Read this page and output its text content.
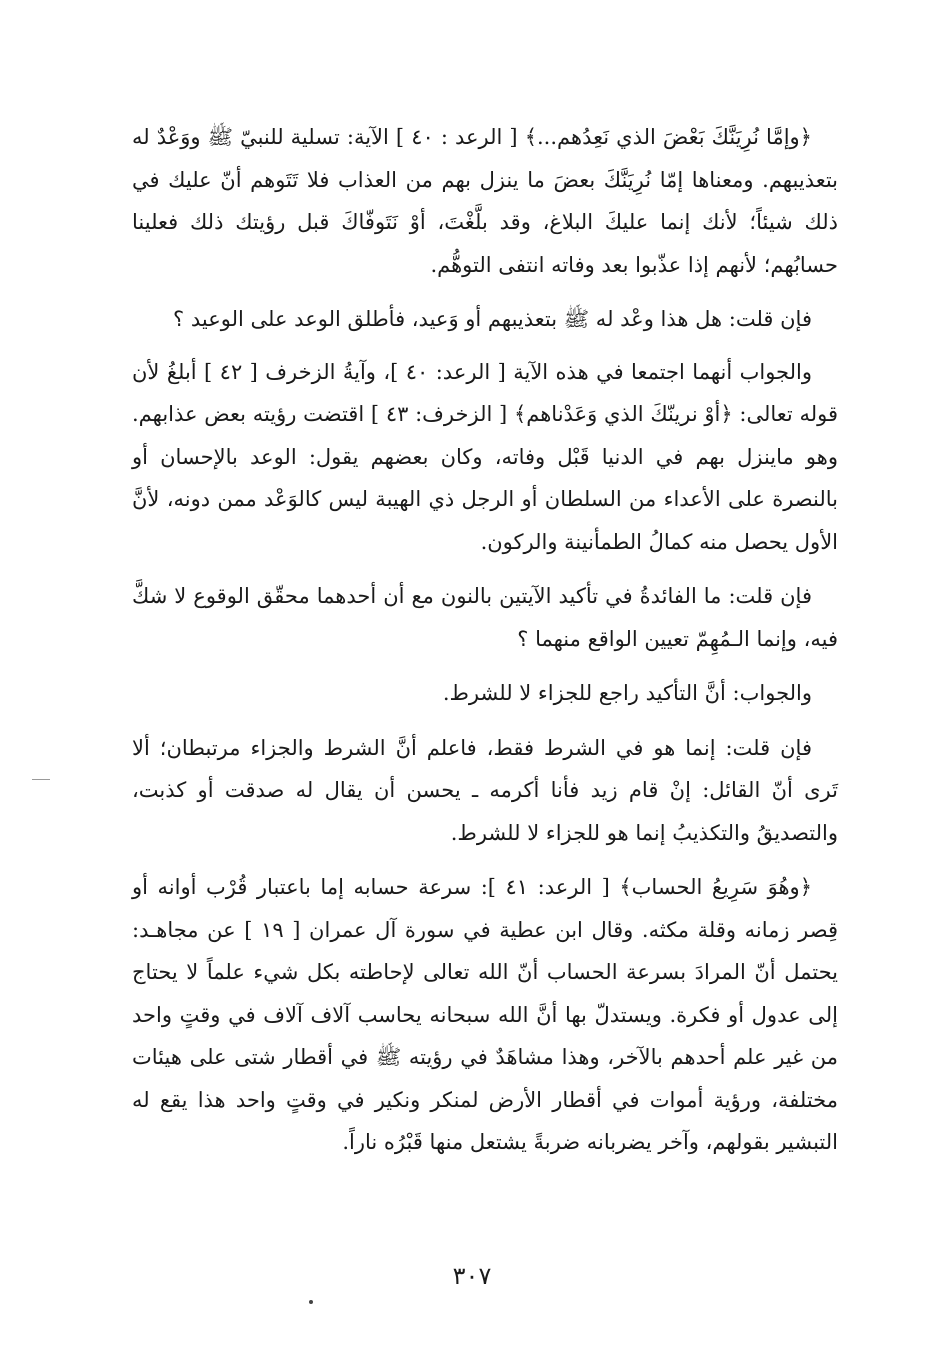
﴿وإمَّا نُرِيَنَّكَ بَعْضَ الذي نَعِدُهم...﴾ [ الرعد : ٤٠ ] الآية: تسلية للنبيّ ﷺ ووَعْدٌ له بتعذيبهم. ومعناها إمّا نُرِيَنَّكَ بعضَ ما ينزل بهم من العذاب فلا تَتَوهم أنّ عليك في ذلك شيئاً؛ لأنك إنما عليكَ البلاغ، وقد بلَّغْتَ، أوْ نَتَوفّاكَ قبل رؤيتك ذلك فعلينا حسابُهم؛ لأنهم إذا عذّبوا بعد وفاته انتفى التوهُّم.

فإن قلت: هل هذا وعْد له ﷺ بتعذيبهم أو وَعيد، فأطلق الوعد على الوعيد ؟

والجواب أنهما اجتمعا في هذه الآية [ الرعد: ٤٠ ]، وآيةُ الزخرف [ ٤٢ ] أبلغُ لأن قوله تعالى: ﴿أوْ نرينّكَ الذي وَعَدْناهم﴾ [ الزخرف: ٤٣ ] اقتضت رؤيته بعض عذابهم. وهو ماينزل بهم في الدنيا قَبْل وفاته، وكان بعضهم يقول: الوعد بالإحسان أو بالنصرة على الأعداء من السلطان أو الرجل ذي الهيبة ليس كالوَعْد ممن دونه، لأنَّ الأول يحصل منه كمالُ الطمأنينة والركون.

فإن قلت: ما الفائدةُ في تأكيد الآيتين بالنون مع أن أحدهما محقّق الوقوع لا شكَّ فيه، وإنما الـمُهِمّ تعيين الواقع منهما ؟

والجواب: أنَّ التأكيد راجع للجزاء لا للشرط.

فإن قلت: إنما هو في الشرط فقط، فاعلم أنَّ الشرط والجزاء مرتبطان؛ ألا تَرى أنّ القائل: إنْ قام زيد فأنا أكرمه ـ يحسن أن يقال له صدقت أو كذبت، والتصديقُ والتكذيبُ إنما هو للجزاء لا للشرط.

﴿وهُوَ سَرِيعُ الحساب﴾ [ الرعد: ٤١ ]: سرعة حسابه إما باعتبار قُرْب أوانه أو قِصر زمانه وقلة مكثه. وقال ابن عطية في سورة آل عمران [ ١٩ ] عن مجاهـد: يحتمل أنّ المرادَ بسرعة الحساب أنّ الله تعالى لإحاطته بكل شيء علماً لا يحتاج إلى عدول أو فكرة. ويستدلّ بها أنَّ الله سبحانه يحاسب آلاف آلاف في وقتٍ واحد من غير علم أحدهم بالآخر، وهذا مشاهَدٌ في رؤيته ﷺ في أقطار شتى على هيئات مختلفة، ورؤية أموات في أقطار الأرض لمنكر ونكير في وقتٍ واحد هذا يقع له التبشير بقولهم، وآخر يضربانه ضربةً يشتعل منها قَبْرُه ناراً.

٣٠٧
